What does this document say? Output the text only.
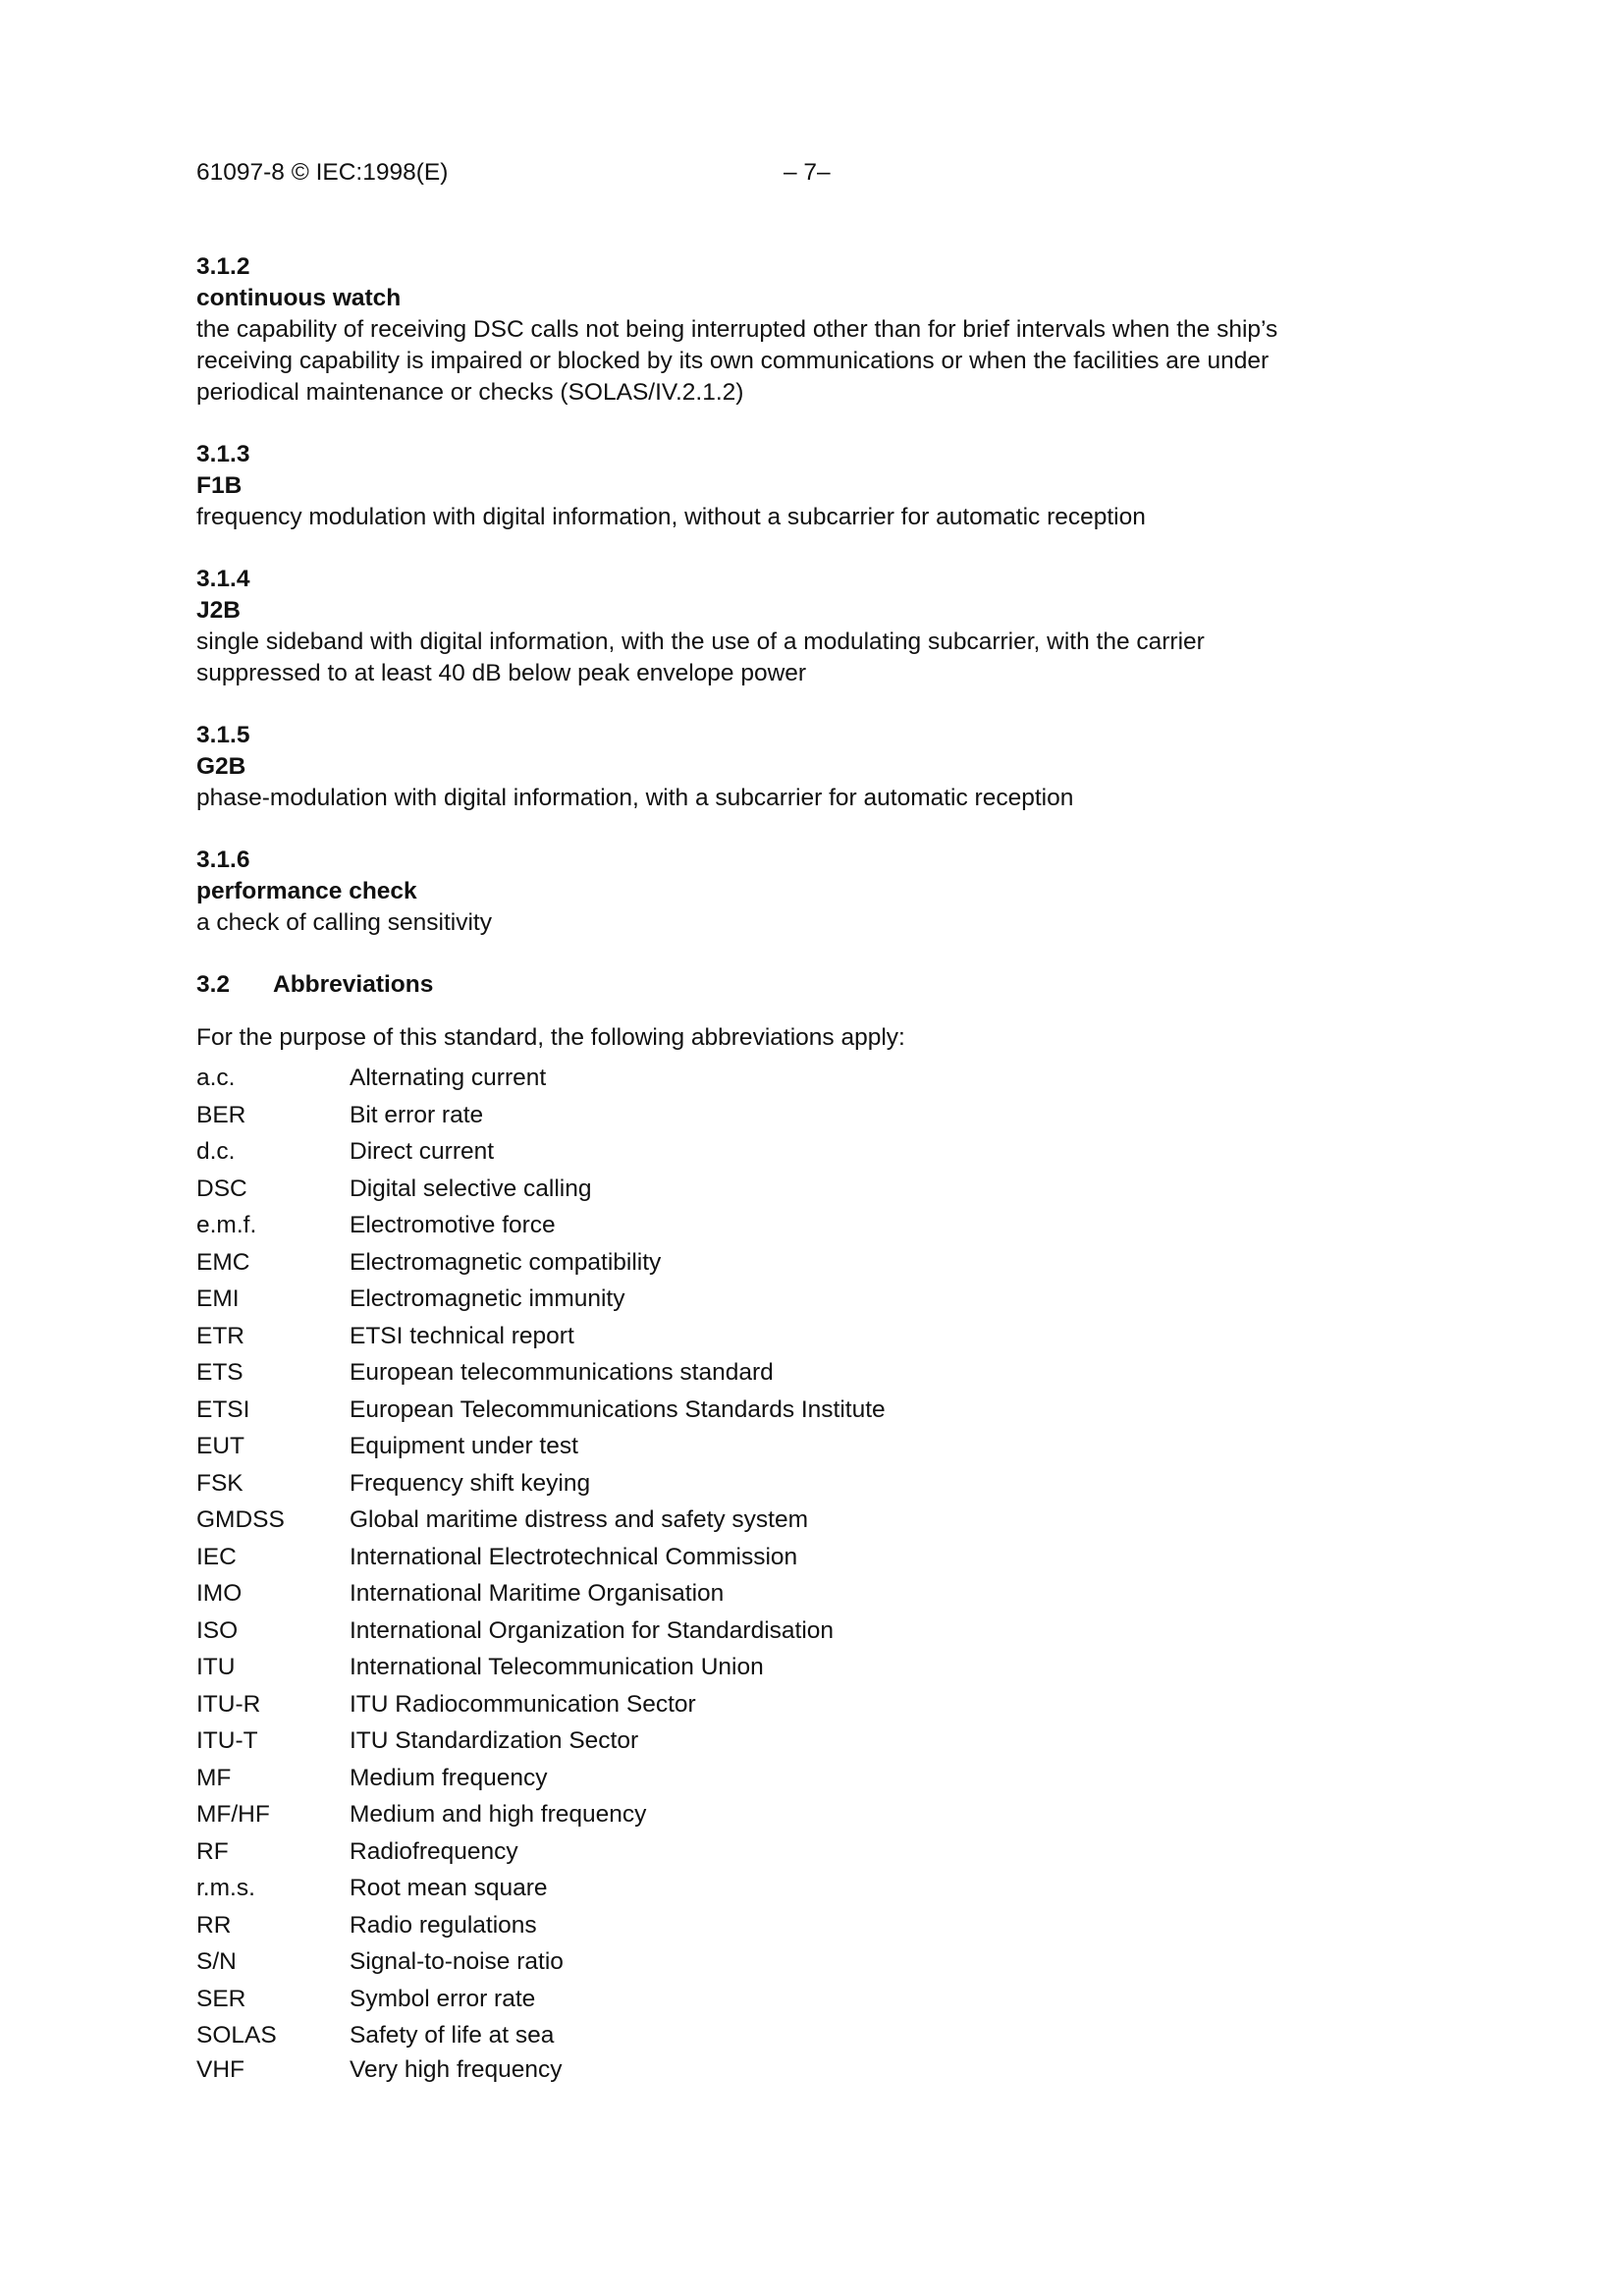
61097-8 © IEC:1998(E)	– 7–
3.1.2
continuous watch
the capability of receiving DSC calls not being interrupted other than for brief intervals when the ship’s receiving capability is impaired or blocked by its own communications or when the facilities are under periodical maintenance or checks (SOLAS/IV.2.1.2)
3.1.3
F1B
frequency modulation with digital information, without a subcarrier for automatic reception
3.1.4
J2B
single sideband with digital information, with the use of a modulating subcarrier, with the carrier suppressed to at least 40 dB below peak envelope power
3.1.5
G2B
phase-modulation with digital information, with a subcarrier for automatic reception
3.1.6
performance check
a check of calling sensitivity
3.2	Abbreviations
For the purpose of this standard, the following abbreviations apply:
a.c.	Alternating current
BER	Bit error rate
d.c.	Direct current
DSC	Digital selective calling
e.m.f.	Electromotive force
EMC	Electromagnetic compatibility
EMI	Electromagnetic immunity
ETR	ETSI technical report
ETS	European telecommunications standard
ETSI	European Telecommunications Standards Institute
EUT	Equipment under test
FSK	Frequency shift keying
GMDSS	Global maritime distress and safety system
IEC	International Electrotechnical Commission
IMO	International Maritime Organisation
ISO	International Organization for Standardisation
ITU	International Telecommunication Union
ITU-R	ITU Radiocommunication Sector
ITU-T	ITU Standardization Sector
MF	Medium frequency
MF/HF	Medium and high frequency
RF	Radiofrequency
r.m.s.	Root mean square
RR	Radio regulations
S/N	Signal-to-noise ratio
SER	Symbol error rate
SOLAS	Safety of life at sea
VHF	Very high frequency
